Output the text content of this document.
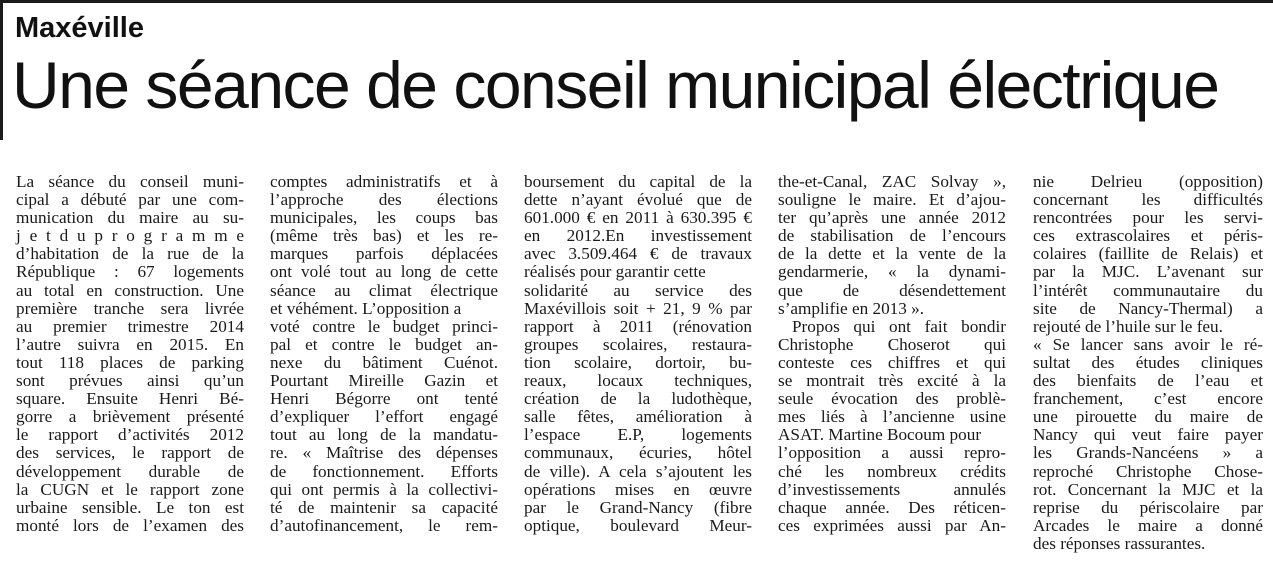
Maxéville
Une séance de conseil municipal électrique
La séance du conseil muni-
cipal a débuté par une com-
munication du maire au su-
j e t d u p r o g r a m m e
d’habitation de la rue de la
République : 67 logements
au total en construction. Une
première tranche sera livrée
au premier trimestre 2014
l’autre suivra en 2015. En
tout 118 places de parking
sont prévues ainsi qu’un
square. Ensuite Henri Bé-
gorre a brièvement présenté
le rapport d’activités 2012
des services, le rapport de
développement durable de
la CUGN et le rapport zone
urbaine sensible. Le ton est
monté lors de l’examen des
comptes administratifs et à
l’approche des élections
municipales, les coups bas
(même très bas) et les re-
marques parfois déplacées
ont volé tout au long de cette
séance au climat électrique
et véhément. L’opposition a
voté contre le budget princi-
pal et contre le budget an-
nexe du bâtiment Cuénot.
Pourtant Mireille Gazin et
Henri Bégorre ont tenté
d’expliquer l’effort engagé
tout au long de la mandatu-
re. « Maîtrise des dépenses
de fonctionnement. Efforts
qui ont permis à la collectivi-
té de maintenir sa capacité
d’autofinancement, le rem-
boursement du capital de la
dette n’ayant évolué que de
601.000 € en 2011 à 630.395 €
en 2012.En investissement
avec 3.509.464 € de travaux
réalisés pour garantir cette
solidarité au service des
Maxévillois soit + 21, 9 % par
rapport à 2011 (rénovation
groupes scolaires, restaura-
tion scolaire, dortoir, bu-
reaux, locaux techniques,
création de la ludothèque,
salle fêtes, amélioration à
l’espace E.P, logements
communaux, écuries, hôtel
de ville). A cela s’ajoutent les
opérations mises en œuvre
par le Grand-Nancy (fibre
optique, boulevard Meur-
the-et-Canal, ZAC Solvay »,
souligne le maire. Et d’ajou-
ter qu’après une année 2012
de stabilisation de l’encours
de la dette et la vente de la
gendarmerie, « la dynami-
que de désendettement
s’amplifie en 2013 ».
Propos qui ont fait bondir
Christophe Choserot qui
conteste ces chiffres et qui
se montrait très excité à la
seule évocation des problè-
mes liés à l’ancienne usine
ASAT. Martine Bocoum pour
l’opposition a aussi repro-
ché les nombreux crédits
d’investissements annulés
chaque année. Des réticen-
ces exprimées aussi par An-
nie Delrieu (opposition)
concernant les difficultés
rencontrées pour les servi-
ces extrascolaires et péris-
colaires (faillite de Relais) et
par la MJC. L’avenant sur
l’intérêt communautaire du
site de Nancy-Thermal) a
rejouté de l’huile sur le feu.
« Se lancer sans avoir le ré-
sultat des études cliniques
des bienfaits de l’eau et
franchement, c’est encore
une pirouette du maire de
Nancy qui veut faire payer
les Grands-Nancéens » a
reproché Christophe Chose-
rot. Concernant la MJC et la
reprise du périscolaire par
Arcades le maire a donné
des réponses rassurantes.
